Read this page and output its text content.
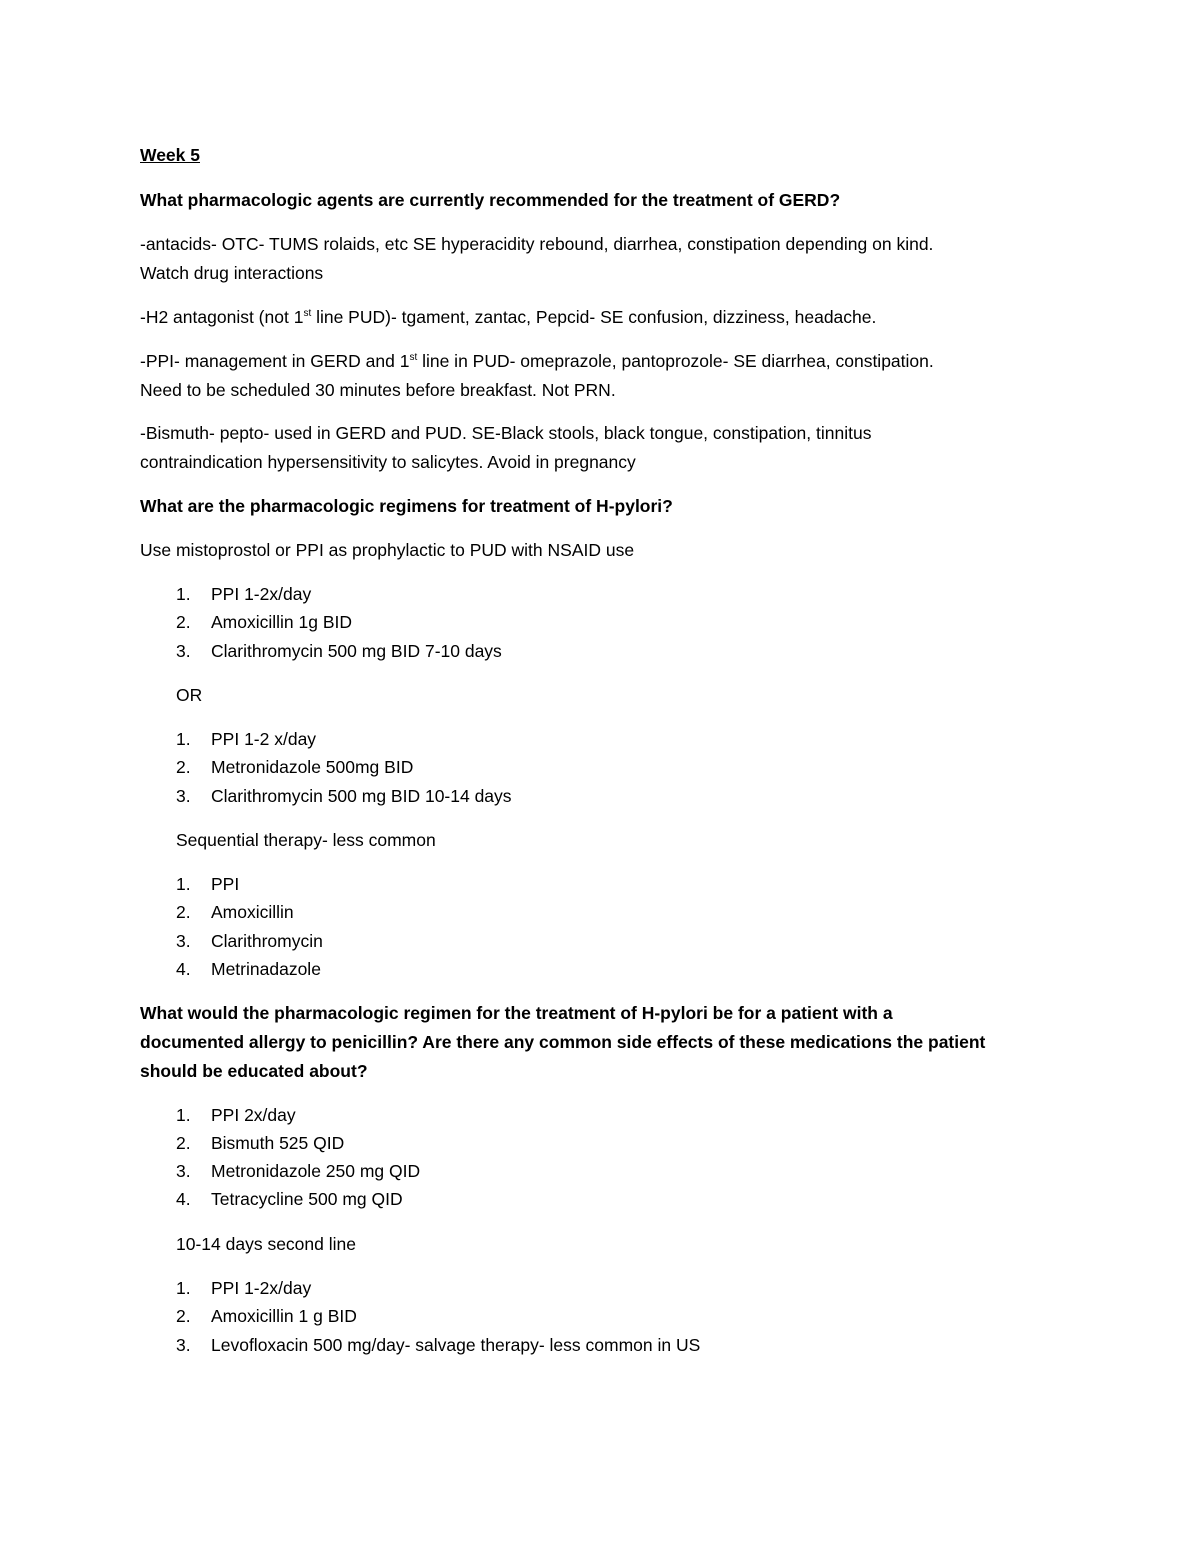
Week 5
What pharmacologic agents are currently recommended for the treatment of GERD?
-antacids- OTC- TUMS rolaids, etc SE hyperacidity rebound, diarrhea, constipation depending on kind.
Watch drug interactions
-H2 antagonist (not 1st line PUD)- tgament, zantac, Pepcid- SE confusion, dizziness, headache.
-PPI- management in GERD and 1st line in PUD- omeprazole, pantoprozole- SE diarrhea, constipation.
Need to be scheduled 30 minutes before breakfast. Not PRN.
-Bismuth- pepto- used in GERD and PUD. SE-Black stools, black tongue, constipation, tinnitus
contraindication hypersensitivity to salicytes. Avoid in pregnancy
What are the pharmacologic regimens for treatment of H-pylori?
Use mistoprostol or PPI as prophylactic to PUD with NSAID use
1. PPI 1-2x/day
2. Amoxicillin 1g BID
3. Clarithromycin 500 mg BID 7-10 days
OR
1. PPI 1-2 x/day
2. Metronidazole 500mg BID
3. Clarithromycin 500 mg BID 10-14 days
Sequential therapy- less common
1. PPI
2. Amoxicillin
3. Clarithromycin
4. Metrinadazole
What would the pharmacologic regimen for the treatment of H-pylori be for a patient with a
documented allergy to penicillin? Are there any common side effects of these medications the patient
should be educated about?
1. PPI 2x/day
2. Bismuth 525 QID
3. Metronidazole 250 mg QID
4. Tetracycline 500 mg QID
10-14 days second line
1. PPI 1-2x/day
2. Amoxicillin 1 g BID
3. Levofloxacin 500 mg/day- salvage therapy- less common in US
